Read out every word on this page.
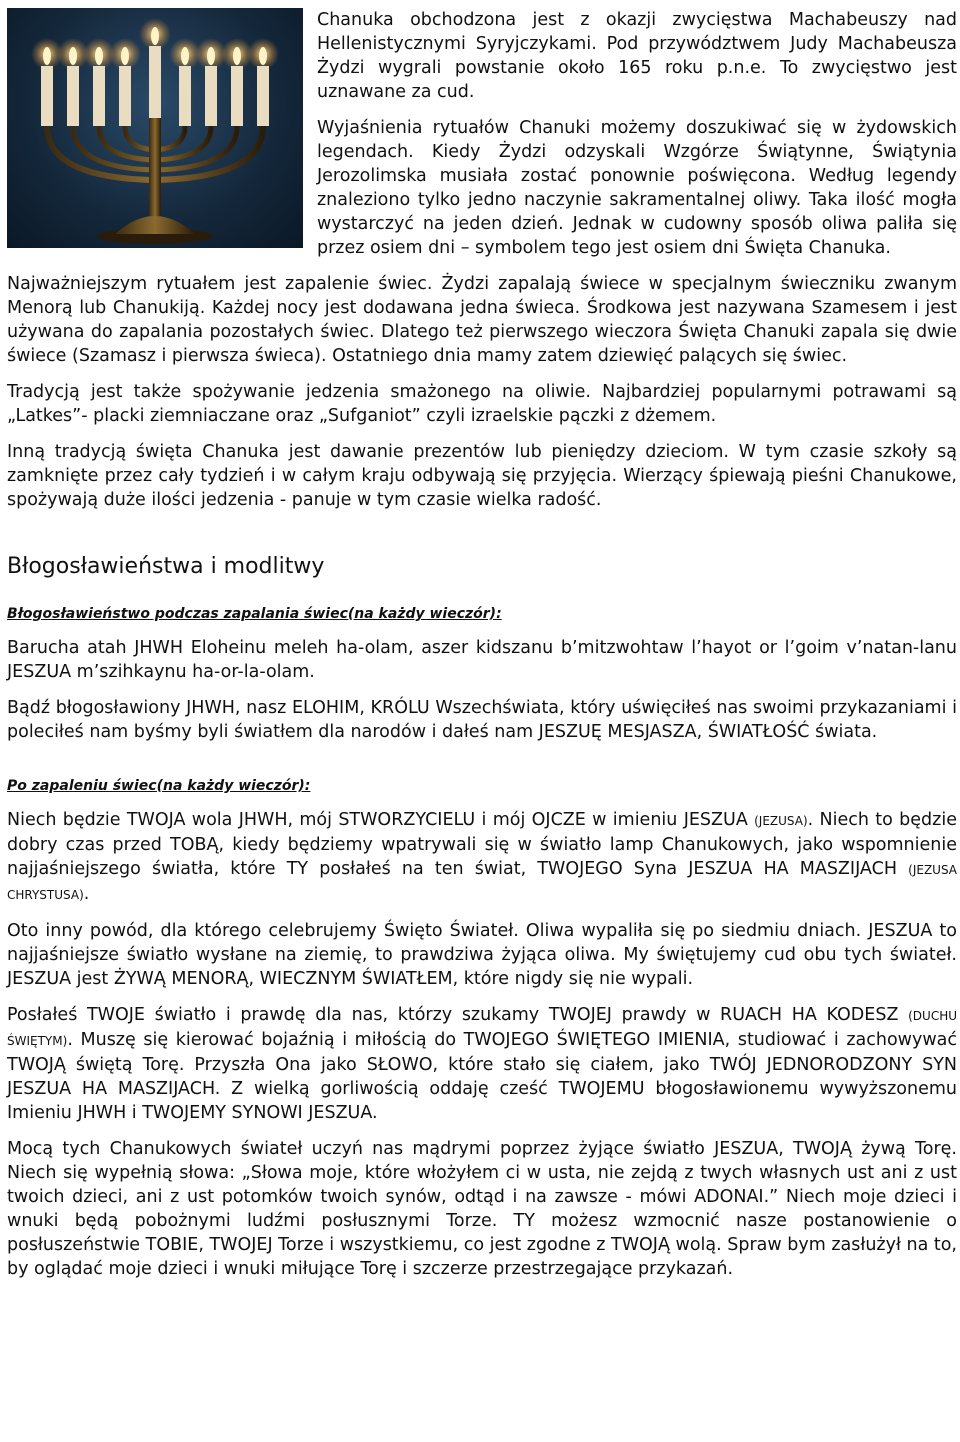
Chanuka obchodzona jest z okazji zwycięstwa Machabeuszy nad Hellenistycznymi Syryjczykami. Pod przywództwem Judy Machabeusza Żydzi wygrali powstanie około 165 roku p.n.e. To zwycięstwo jest uznawane za cud.

Wyjaśnienia rytuałów Chanuki możemy doszukiwać się w żydowskich legendach. Kiedy Żydzi odzyskali Wzgórze Świątynne, Świątynia Jerozolimska musiała zostać ponownie poświęcona. Według legendy znaleziono tylko jedno naczynie sakramentalnej oliwy. Taka ilość mogła wystarczyć na jeden dzień. Jednak w cudowny sposób oliwa paliła się przez osiem dni – symbolem tego jest osiem dni Święta Chanuka.

Najważniejszym rytuałem jest zapalenie świec. Żydzi zapalają świece w specjalnym świeczniku zwanym Menorą lub Chanukiją. Każdej nocy jest dodawana jedna świeca. Środkowa jest nazywana Szamesem i jest używana do zapalania pozostałych świec. Dlatego też pierwszego wieczora Święta Chanuki zapala się dwie świece (Szamasz i pierwsza świeca). Ostatniego dnia mamy zatem dziewięć palących się świec.

Tradycją jest także spożywanie jedzenia smażonego na oliwie. Najbardziej popularnymi potrawami są „Latkes”- placki ziemniaczane oraz „Sufganiot” czyli izraelskie pączki z dżemem.

Inną tradycją święta Chanuka jest dawanie prezentów lub pieniędzy dzieciom. W tym czasie szkoły są zamknięte przez cały tydzień i w całym kraju odbywają się przyjęcia. Wierzący śpiewają pieśni Chanukowe, spożywają duże ilości jedzenia - panuje w tym czasie wielka radość.

Błogosławieństwa i modlitwy
Błogosławieństwo podczas zapalania świec(na każdy wieczór):

Barucha atah JHWH Eloheinu meleh ha-olam, aszer kidszanu b’mitzwohtaw l’hayot or l’goim v’natan-lanu JESZUA m’szihkaynu ha-or-la-olam.

Bądź błogosławiony JHWH, nasz ELOHIM, KRÓLU Wszechświata, który uświęciłeś nas swoimi przykazaniami i poleciłeś nam byśmy byli światłem dla narodów i dałeś nam JESZUĘ MESJASZA, ŚWIATŁOŚĆ świata.

Po zapaleniu świec(na każdy wieczór):

Niech będzie TWOJA wola JHWH, mój STWORZYCIELU i mój OJCZE w imieniu JESZUA (JEZUSA). Niech to będzie dobry czas przed TOBĄ, kiedy będziemy wpatrywali się w światło lamp Chanukowych, jako wspomnienie najjaśniejszego światła, które TY posłałeś na ten świat, TWOJEGO Syna JESZUA HA MASZIJACH (JEZUSA CHRYSTUSA).

Oto inny powód, dla którego celebrujemy Święto Świateł. Oliwa wypaliła się po siedmiu dniach. JESZUA to najjaśniejsze światło wysłane na ziemię, to prawdziwa żyjąca oliwa. My świętujemy cud obu tych świateł. JESZUA jest ŻYWĄ MENORĄ, WIECZNYM ŚWIATŁEM, które nigdy się nie wypali.

Posłałeś TWOJE światło i prawdę dla nas, którzy szukamy TWOJEJ prawdy w RUACH HA KODESZ (DUCHU ŚWIĘTYM). Muszę się kierować bojaźnią i miłością do TWOJEGO ŚWIĘTEGO IMIENIA, studiować i zachowywać TWOJĄ świętą Torę. Przyszła Ona jako SŁOWO, które stało się ciałem, jako TWÓJ JEDNORODZONY SYN JESZUA HA MASZIJACH. Z wielką gorliwością oddaję cześć TWOJEMU błogosławionemu wywyższonemu Imieniu JHWH i TWOJEMY SYNOWI JESZUA.

Mocą tych Chanukowych świateł uczyń nas mądrymi poprzez żyjące światło JESZUA, TWOJĄ żywą Torę. Niech się wypełnią słowa: „Słowa moje, które włożyłem ci w usta, nie zejdą z twych własnych ust ani z ust twoich dzieci, ani z ust potomków twoich synów, odtąd i na zawsze - mówi ADONAI.” Niech moje dzieci i wnuki będą pobożnymi ludźmi posłusznymi Torze. TY możesz wzmocnić nasze postanowienie o posłuszeństwie TOBIE, TWOJEJ Torze i wszystkiemu, co jest zgodne z TWOJĄ wolą. Spraw bym zasłużył na to, by oglądać moje dzieci i wnuki miłujące Torę i szczerze przestrzegające przykazań.
